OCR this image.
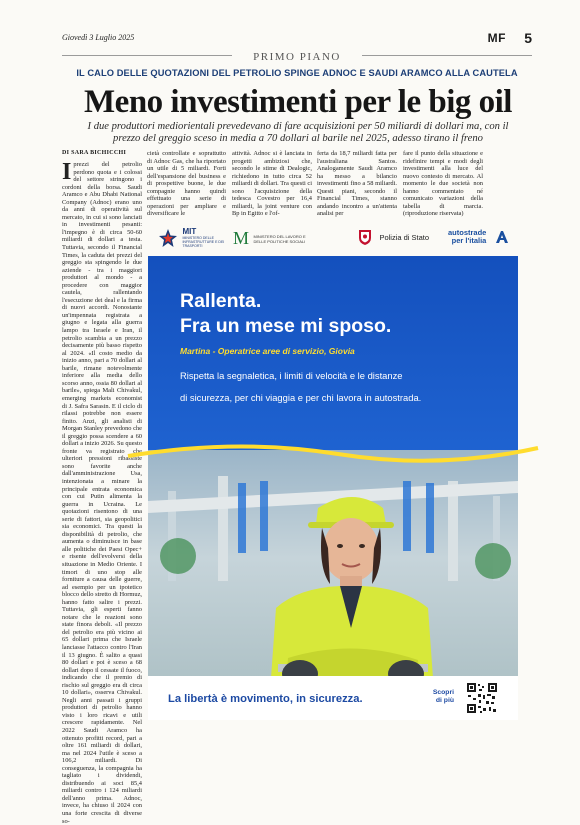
Giovedì 3 Luglio 2025	MF 5
PRIMO PIANO
IL CALO DELLE QUOTAZIONI DEL PETROLIO SPINGE ADNOC E SAUDI ARAMCO ALLA CAUTELA
Meno investimenti per le big oil

I due produttori mediorientali prevedevano di fare acquisizioni per 50 miliardi di dollari ma, con il prezzo del greggio sceso in media a 70 dollari al barile nel 2025, adesso tirano il freno

DI SARA BICHICCHI
Iprezzi del petrolio perdono quota e i colossi del settore stringono i cordoni della borsa. Saudi Aramco e Abu Dhabi National Company (Adnoc) erano uno da anni di operatività sul mercato, in cui si sono lanciati in investimenti pesanti: l'impegno è di circa 50-60 miliardi di dollari a testa. Tuttavia, secondo il Financial Times, la caduta dei prezzi del greggio sta spingendo le due aziende - tra i maggiori produttori al mondo - a procedere con maggior cautela, rallentando l'esecuzione dei deal e la firma di nuovi accordi. Nonostante un'impennata registrata a giugno e legata alla guerra lampo tra Israele e Iran, il petrolio scambia a un prezzo decisamente più basso rispetto al 2024. «Il costo medio da inizio anno, pari a 70 dollari al barile, rimane notevolmente inferiore alla media dello scorso anno, ossia 80 dollari al barile», spiega Mali Chivakul, emerging markets economist di J. Safra Sarasin. E il ciclo di rilassi potrebbe non essere finito. Anzi, gli analisti di Morgan Stanley prevedono che il greggio possa scendere a 60 dollari a inizio 2026. Su questo fronte va registrato che ulteriori pressioni ribassiste sono favorite anche dall'amministrazione Usa, intenzionata a minare la principale entrata economica con cui Putin alimenta la guerra in Ucraina. Le quotazioni risentono di una serie di fattori, sia geopolitici sia economici. Tra questi la disponibilità di petrolio, che aumenta o diminuisce in base alle politiche dei Paesi Opec+ e risente dell'evolversi della situazione in Medio Oriente. I timori di uno stop alle forniture a causa delle guerre, ad esempio per un ipotetico blocco dello stretto di Hormuz, hanno fatto salire i prezzi. Tuttavia, gli esperti fanno notare che le reazioni sono state finora deboli. «Il prezzo del petrolio era più vicino ai 65 dollari prima che Israele lanciasse l'attacco contro l'Iran il 13 giugno. È salito a quasi 80 dollari e poi è sceso a 68 dollari dopo il cessate il fuoco, indicando che il premio di rischio sul greggio era di circa 10 dollari», osserva Chivakul. Negli anni passati i gruppi produttori di petrolio hanno visto i loro ricavi e utili crescere rapidamente. Nel 2022 Saudi Aramco ha ottenuto profitti record, pari a oltre 161 miliardi di dollari, ma nel 2024 l'utile è sceso a 106,2 miliardi. Di conseguenza, la compagnia ha tagliato i dividendi, distribuendo ai soci 85,4 miliardi contro i 124 miliardi dell'anno prima. Adnoc, invece, ha chiuso il 2024 con una forte crescita di diverse so-
cietà controllate e soprattutto di Adnoc Gas, che ha riportato un utile di 5 miliardi. Forti dell'espansione del business e di prospettive buone, le due compagnie hanno quindi effettuato una serie di operazioni per ampliare e diversificare le
attività. Adnoc si è lanciata in progetti ambiziosi che, secondo le stime di Dealogic, richiedono in tutto circa 52 miliardi di dollari. Tra questi ci sono l'acquisizione della tedesca Covestro per 16,4 miliardi, la joint venture con Bp in Egitto e l'of-
ferta da 18,7 miliardi fatta per l'australiana Santos. Analogamente Saudi Aramco ha messo a bilancio investimenti fino a 58 miliardi. Questi piani, secondo il Financial Times, stanno andando incontro a un'attenta analisi per
fare il punto della situazione e ridefinire tempi e modi degli investimenti alla luce del nuovo contesto di mercato. Al momento le due società non hanno commentato né comunicato variazioni della tabella di marcia. (riproduzione riservata)
MIT
MINISTERO DELLE INFRASTRUTTURE E DEI TRASPORTI	M MINISTERO DEL LAVORO E DELLE POLITICHE SOCIALI	Polizia di Stato
autostrade
per l'italia
Rallenta.
Fra un mese mi sposo.
Martina - Operatrice aree di servizio, Giovia
Rispetta la segnaletica, i limiti di velocità e le distanze
di sicurezza, per chi viaggia e per chi lavora in autostrada.
La libertà è movimento, in sicurezza.
Scopri
di più
